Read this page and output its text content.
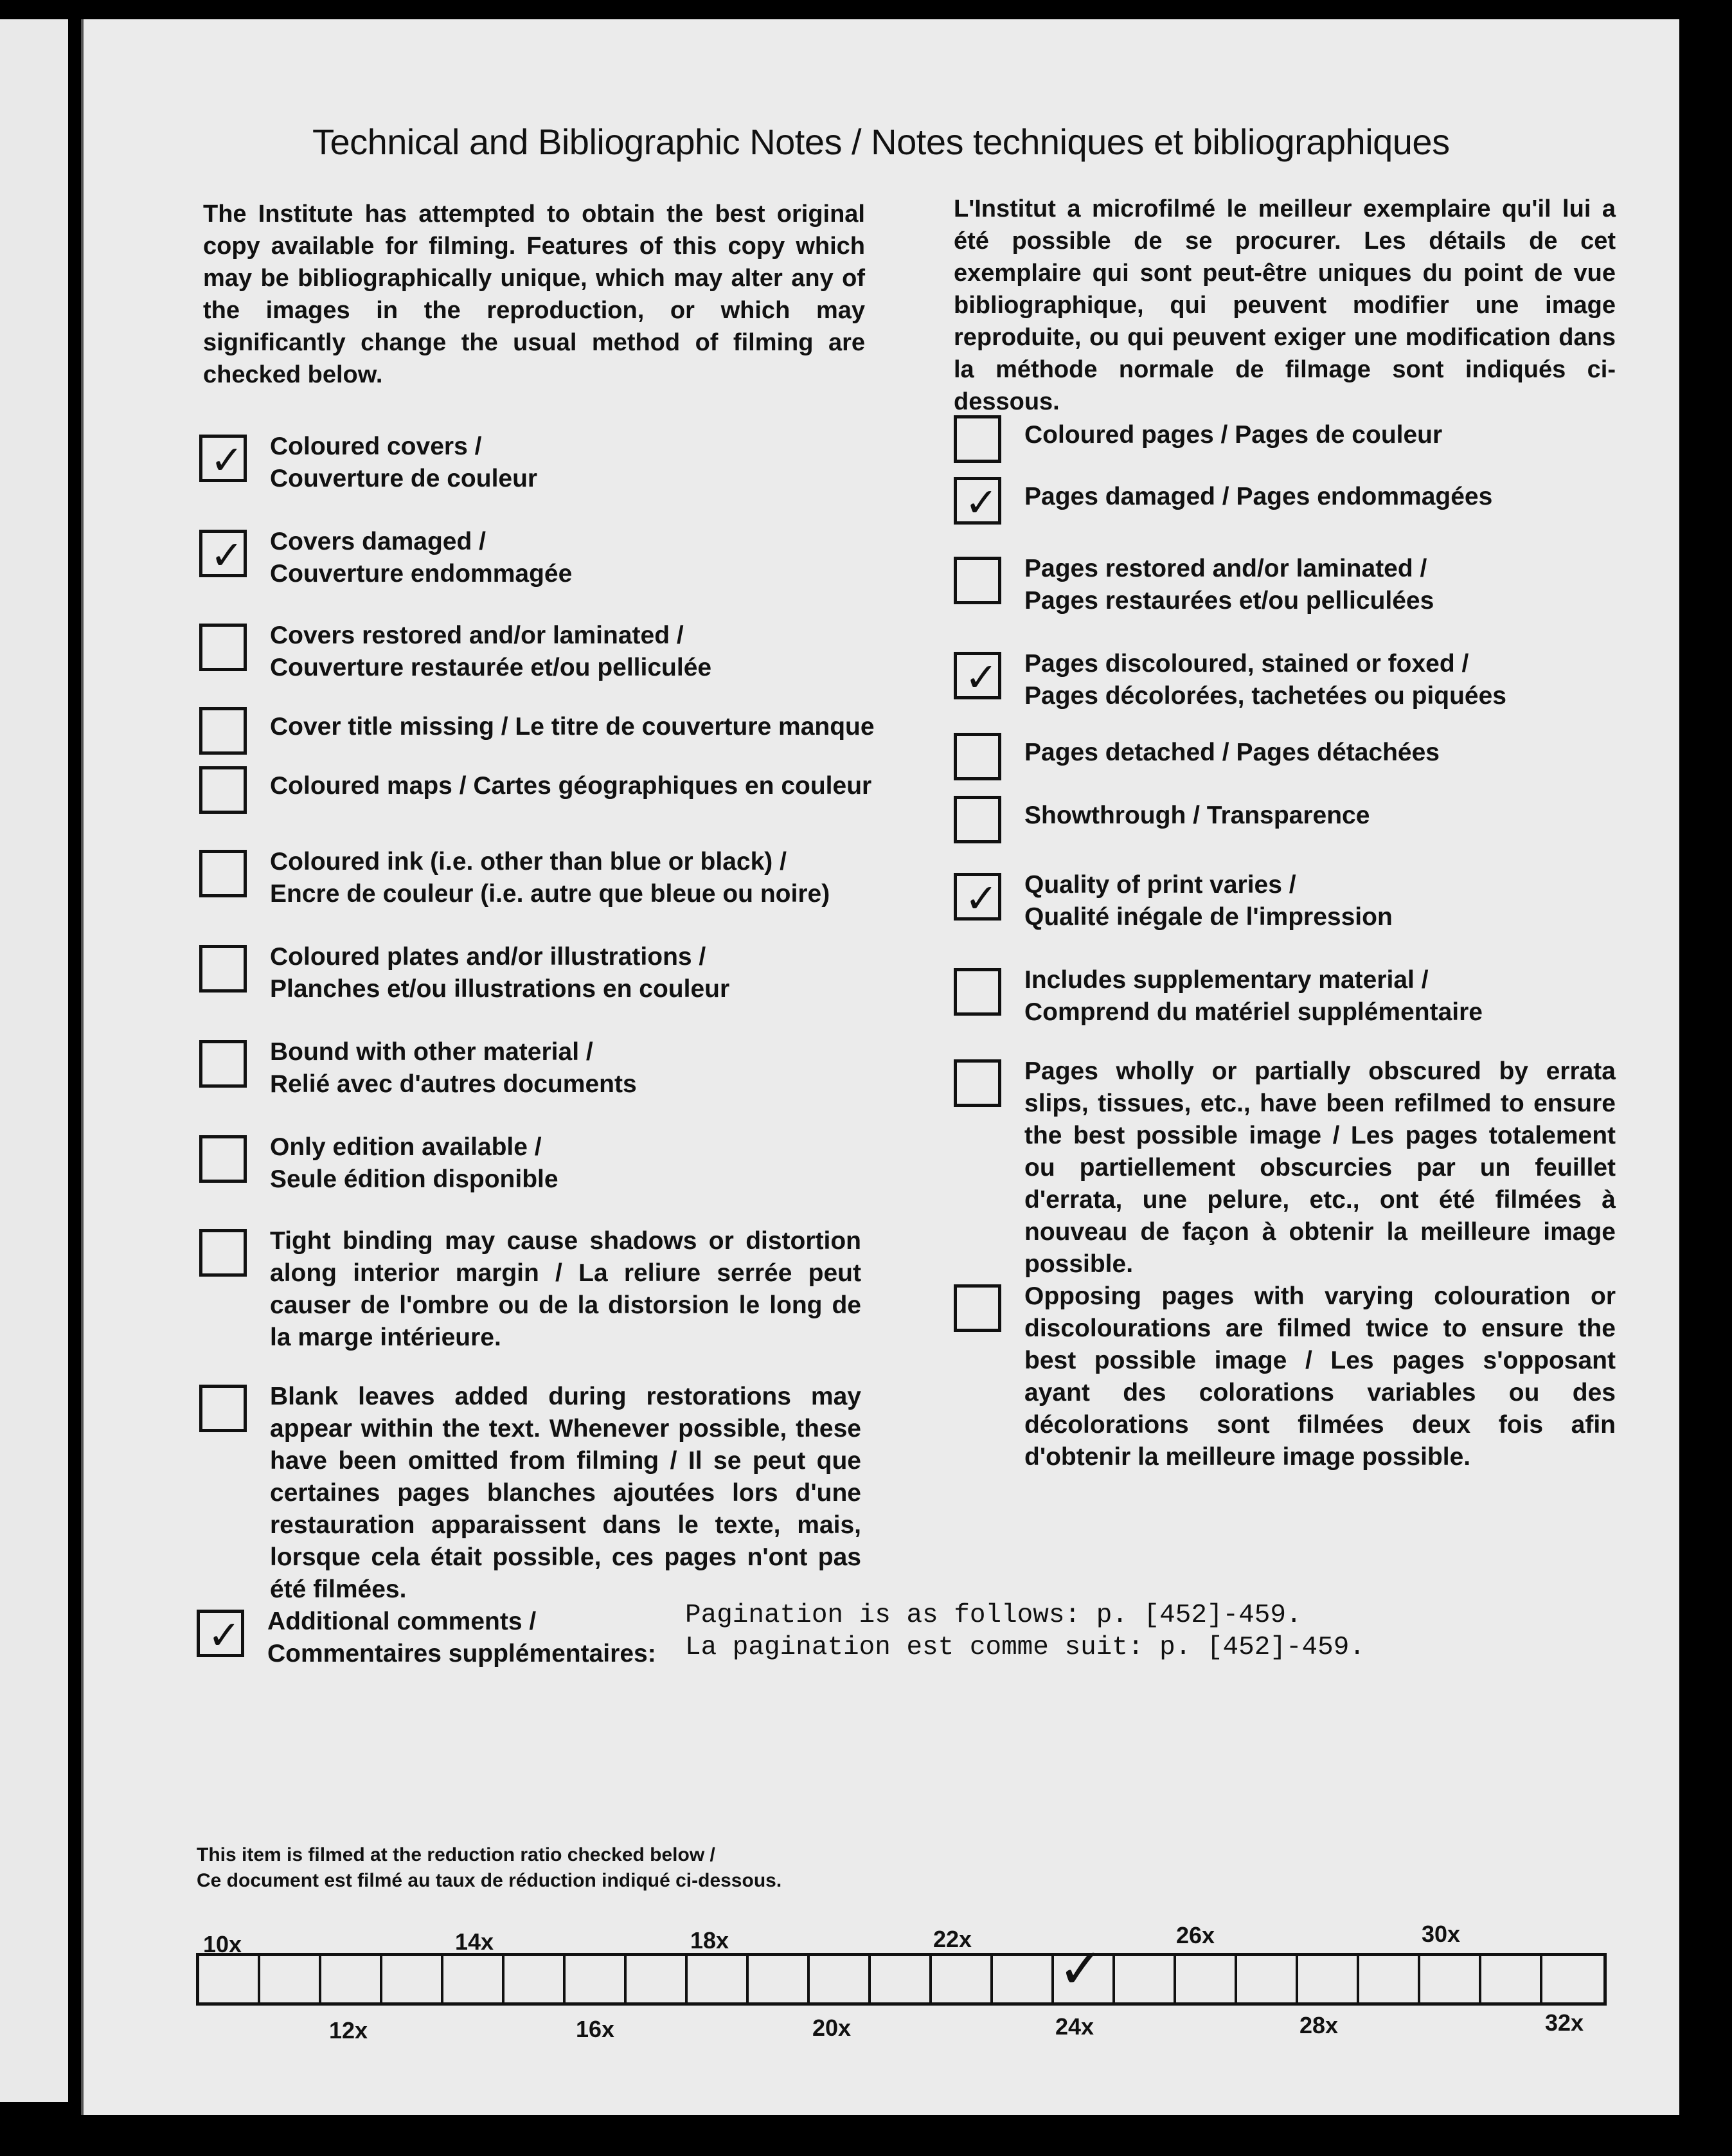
Technical and Bibliographic Notes / Notes techniques et bibliographiques
The Institute has attempted to obtain the best original copy available for filming. Features of this copy which may be bibliographically unique, which may alter any of the images in the reproduction, or which may significantly change the usual method of filming are checked below.
L'Institut a microfilmé le meilleur exemplaire qu'il lui a été possible de se procurer. Les détails de cet exemplaire qui sont peut-être uniques du point de vue bibliographique, qui peuvent modifier une image reproduite, ou qui peuvent exiger une modification dans la méthode normale de filmage sont indiqués ci-dessous.
✓ Coloured covers /
Couverture de couleur
✓ Covers damaged /
Couverture endommagée
Covers restored and/or laminated /
Couverture restaurée et/ou pelliculée
Cover title missing / Le titre de couverture manque
Coloured maps / Cartes géographiques en couleur
Coloured ink (i.e. other than blue or black) /
Encre de couleur (i.e. autre que bleue ou noire)
Coloured plates and/or illustrations /
Planches et/ou illustrations en couleur
Bound with other material /
Relié avec d'autres documents
Only edition available /
Seule édition disponible
Tight binding may cause shadows or distortion along interior margin / La reliure serrée peut causer de l'ombre ou de la distorsion le long de la marge intérieure.
Blank leaves added during restorations may appear within the text. Whenever possible, these have been omitted from filming / Il se peut que certaines pages blanches ajoutées lors d'une restauration apparaissent dans le texte, mais, lorsque cela était possible, ces pages n'ont pas été filmées.
Coloured pages / Pages de couleur
✓ Pages damaged / Pages endommagées
Pages restored and/or laminated /
Pages restaurées et/ou pelliculées
✓ Pages discoloured, stained or foxed /
Pages décolorées, tachetées ou piquées
Pages detached / Pages détachées
Showthrough / Transparence
✓ Quality of print varies /
Qualité inégale de l'impression
Includes supplementary material /
Comprend du matériel supplémentaire
Pages wholly or partially obscured by errata slips, tissues, etc., have been refilmed to ensure the best possible image / Les pages totalement ou partiellement obscurcies par un feuillet d'errata, une pelure, etc., ont été filmées à nouveau de façon à obtenir la meilleure image possible.
Opposing pages with varying colouration or discolourations are filmed twice to ensure the best possible image / Les pages s'opposant ayant des colorations variables ou des décolorations sont filmées deux fois afin d'obtenir la meilleure image possible.
✓ Additional comments /
Commentaires supplémentaires:
Pagination is as follows: p. [452]-459.
La pagination est comme suit: p. [452]-459.
This item is filmed at the reduction ratio checked below /
Ce document est filmé au taux de réduction indiqué ci-dessous.
10x	14x	18x	22x	26x	30x
✓
12x	16x	20x	24x	28x	32x
